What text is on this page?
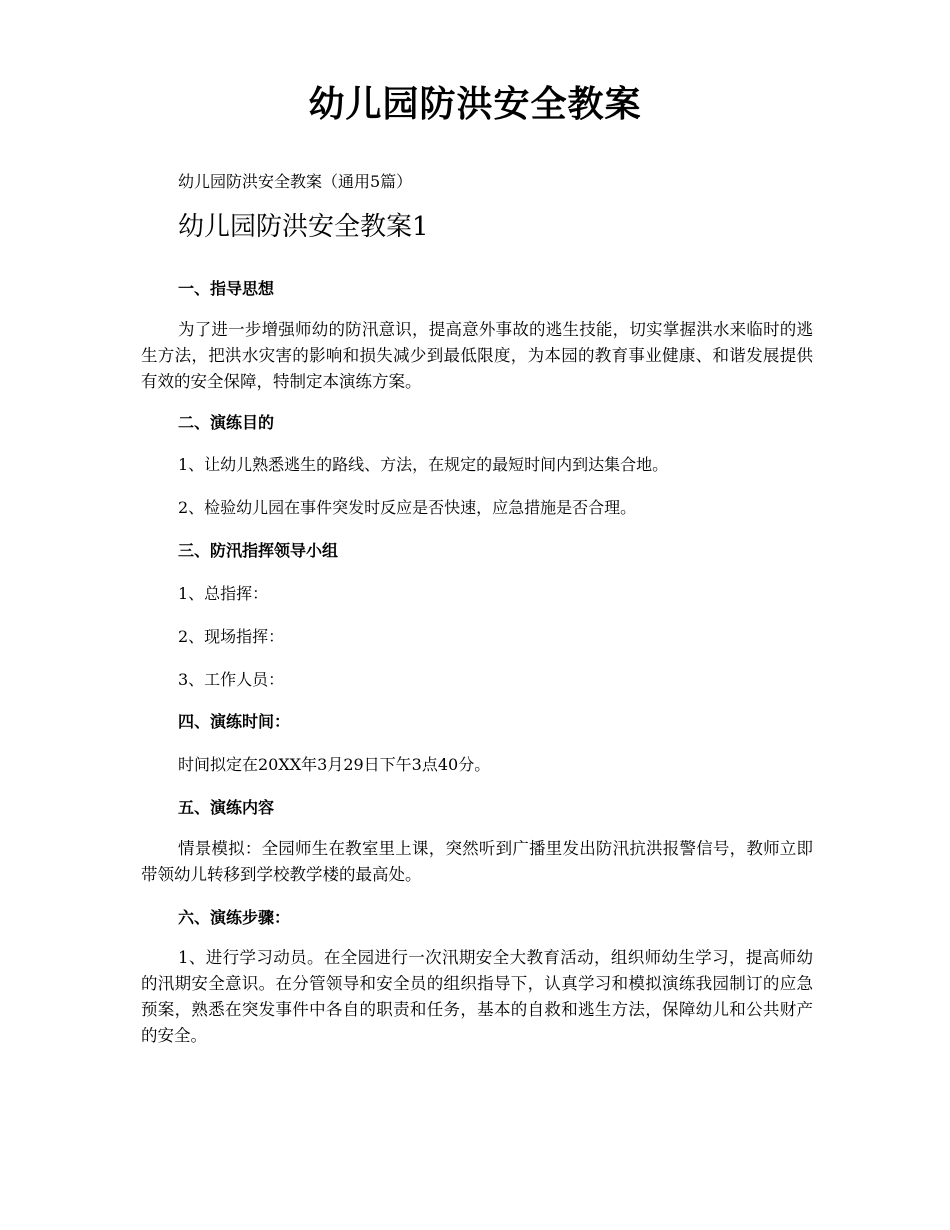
幼儿园防洪安全教案
幼儿园防洪安全教案（通用5篇）
幼儿园防洪安全教案1
一、指导思想
为了进一步增强师幼的防汛意识，提高意外事故的逃生技能，切实掌握洪水来临时的逃生方法，把洪水灾害的影响和损失减少到最低限度，为本园的教育事业健康、和谐发展提供有效的安全保障，特制定本演练方案。
二、演练目的
1、让幼儿熟悉逃生的路线、方法，在规定的最短时间内到达集合地。
2、检验幼儿园在事件突发时反应是否快速，应急措施是否合理。
三、防汛指挥领导小组
1、总指挥：
2、现场指挥：
3、工作人员：
四、演练时间：
时间拟定在20XX年3月29日下午3点40分。
五、演练内容
情景模拟：全园师生在教室里上课，突然听到广播里发出防汛抗洪报警信号，教师立即带领幼儿转移到学校教学楼的最高处。
六、演练步骤：
1、进行学习动员。在全园进行一次汛期安全大教育活动，组织师幼生学习，提高师幼的汛期安全意识。在分管领导和安全员的组织指导下，认真学习和模拟演练我园制订的应急预案，熟悉在突发事件中各自的职责和任务，基本的自救和逃生方法，保障幼儿和公共财产的安全。
